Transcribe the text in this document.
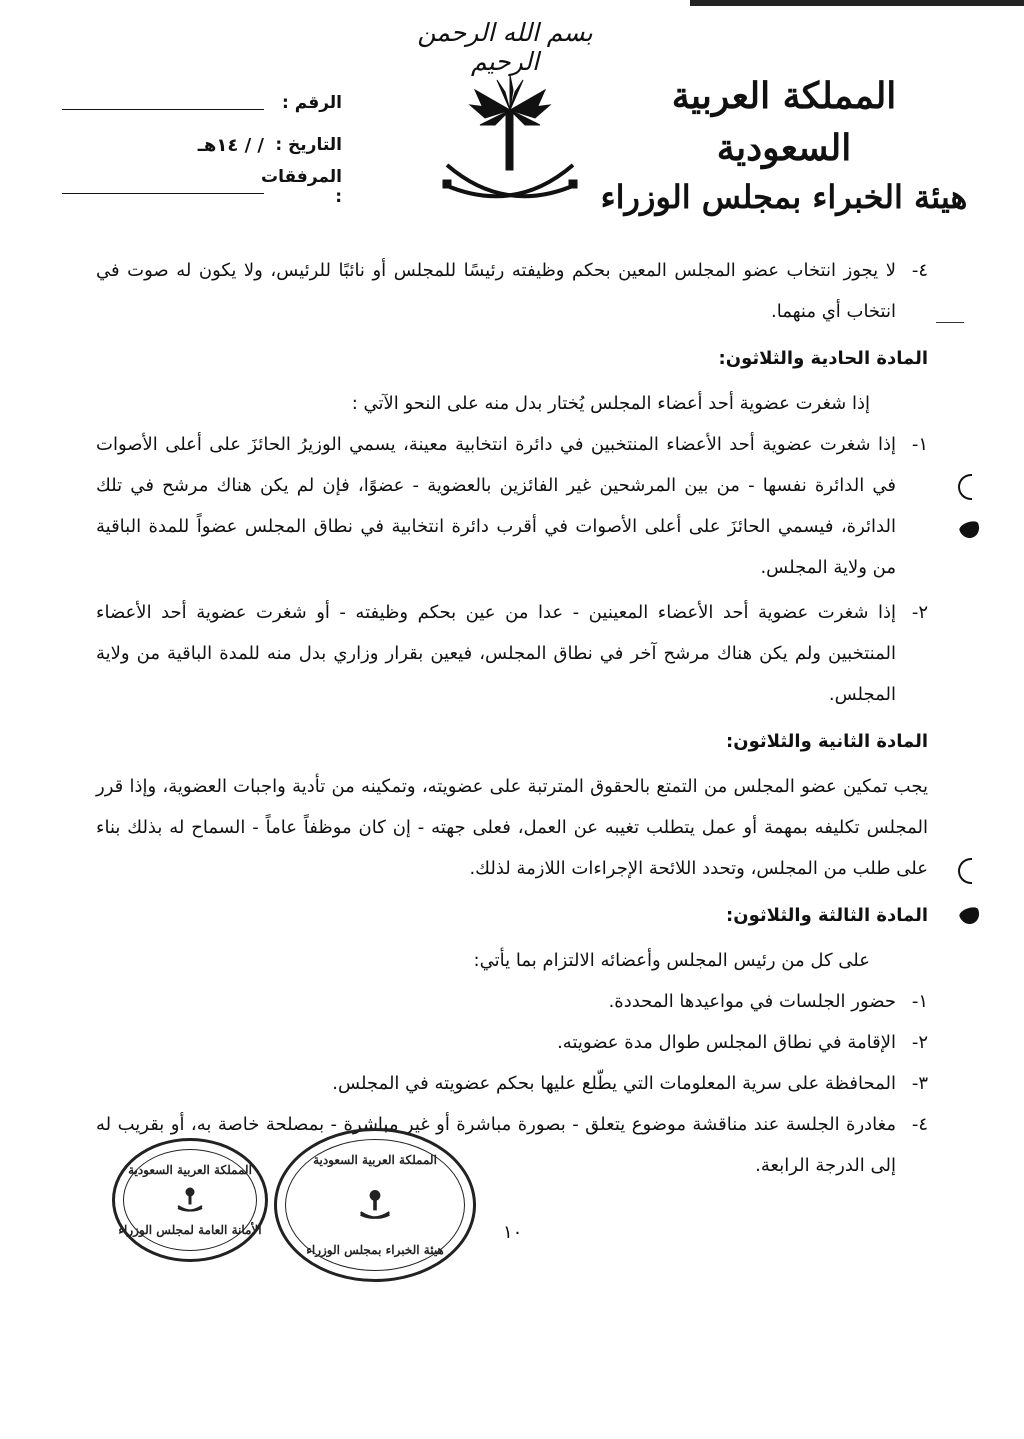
بسم الله الرحمن الرحيم
المملكة العربية السعودية
هيئة الخبراء بمجلس الوزراء
الرقم :
التاريخ :
/ / ١٤هـ
المرفقات :
٤-
لا يجوز انتخاب عضو المجلس المعين بحكم وظيفته رئيسًا للمجلس أو نائبًا للرئيس، ولا يكون له صوت في انتخاب أي منهما.

المادة الحادية والثلاثون:

إذا شغرت عضوية أحد أعضاء المجلس يُختار بدل منه على النحو الآتي :

١-
إذا شغرت عضوية أحد الأعضاء المنتخبين في دائرة انتخابية معينة، يسمي الوزيرُ الحائزَ على أعلى الأصوات في الدائرة نفسها - من بين المرشحين غير الفائزين بالعضوية - عضوًا، فإن لم يكن هناك مرشح في تلك الدائرة، فيسمي الحائزَ على أعلى الأصوات في أقرب دائرة انتخابية في نطاق المجلس عضواً للمدة الباقية من ولاية المجلس.
٢-
إذا شغرت عضوية أحد الأعضاء المعينين - عدا من عين بحكم وظيفته - أو شغرت عضوية أحد الأعضاء المنتخبين ولم يكن هناك مرشح آخر في نطاق المجلس، فيعين بقرار وزاري بدل منه للمدة الباقية من ولاية المجلس.

المادة الثانية والثلاثون:

يجب تمكين عضو المجلس من التمتع بالحقوق المترتبة على عضويته، وتمكينه من تأدية واجبات العضوية، وإذا قرر المجلس تكليفه بمهمة أو عمل يتطلب تغيبه عن العمل، فعلى جهته - إن كان موظفاً عاماً - السماح له بذلك بناء على طلب من المجلس، وتحدد اللائحة الإجراءات اللازمة لذلك.

المادة الثالثة والثلاثون:

على كل من رئيس المجلس وأعضائه الالتزام بما يأتي:

١-
حضور الجلسات في مواعيدها المحددة.
٢-
الإقامة في نطاق المجلس طوال مدة عضويته.
٣-
المحافظة على سرية المعلومات التي يطّلع عليها بحكم عضويته في المجلس.
٤-
مغادرة الجلسة عند مناقشة موضوع يتعلق - بصورة مباشرة أو غير مباشرة - بمصلحة خاصة به، أو بقريب له إلى الدرجة الرابعة.
المملكة العربية السعودية
الأمانة العامة لمجلس الوزراء
المملكة العربية السعودية
هيئة الخبراء بمجلس الوزراء
١٠
